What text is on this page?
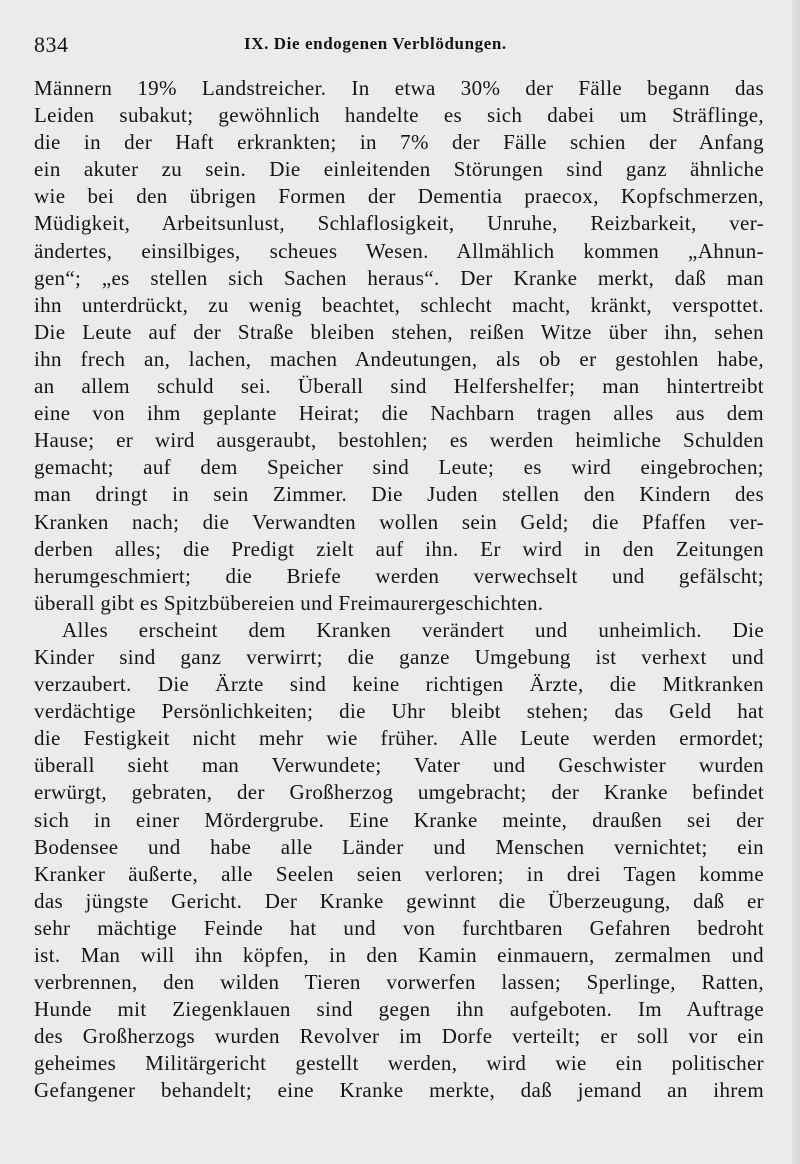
834	IX. Die endogenen Verblödungen.

Männern 19% Landstreicher. In etwa 30% der Fälle begann das
Leiden subakut; gewöhnlich handelte es sich dabei um Sträflinge,
die in der Haft erkrankten; in 7% der Fälle schien der Anfang
ein akuter zu sein. Die einleitenden Störungen sind ganz ähnliche
wie bei den übrigen Formen der Dementia praecox, Kopfschmerzen,
Müdigkeit, Arbeitsunlust, Schlaflosigkeit, Unruhe, Reizbarkeit, ver-
ändertes, einsilbiges, scheues Wesen. Allmählich kommen „Ahnun-
gen“; „es stellen sich Sachen heraus“. Der Kranke merkt, daß man
ihn unterdrückt, zu wenig beachtet, schlecht macht, kränkt, verspottet.
Die Leute auf der Straße bleiben stehen, reißen Witze über ihn, sehen
ihn frech an, lachen, machen Andeutungen, als ob er gestohlen habe,
an allem schuld sei. Überall sind Helfershelfer; man hintertreibt
eine von ihm geplante Heirat; die Nachbarn tragen alles aus dem
Hause; er wird ausgeraubt, bestohlen; es werden heimliche Schulden
gemacht; auf dem Speicher sind Leute; es wird eingebrochen;
man dringt in sein Zimmer. Die Juden stellen den Kindern des
Kranken nach; die Verwandten wollen sein Geld; die Pfaffen ver-
derben alles; die Predigt zielt auf ihn. Er wird in den Zeitungen
herumgeschmiert; die Briefe werden verwechselt und gefälscht;
überall gibt es Spitzbübereien und Freimaurergeschichten.

Alles erscheint dem Kranken verändert und unheimlich. Die
Kinder sind ganz verwirrt; die ganze Umgebung ist verhext und
verzaubert. Die Ärzte sind keine richtigen Ärzte, die Mitkranken
verdächtige Persönlichkeiten; die Uhr bleibt stehen; das Geld hat
die Festigkeit nicht mehr wie früher. Alle Leute werden ermordet;
überall sieht man Verwundete; Vater und Geschwister wurden
erwürgt, gebraten, der Großherzog umgebracht; der Kranke befindet
sich in einer Mördergrube. Eine Kranke meinte, draußen sei der
Bodensee und habe alle Länder und Menschen vernichtet; ein
Kranker äußerte, alle Seelen seien verloren; in drei Tagen komme
das jüngste Gericht. Der Kranke gewinnt die Überzeugung, daß er
sehr mächtige Feinde hat und von furchtbaren Gefahren bedroht
ist. Man will ihn köpfen, in den Kamin einmauern, zermalmen und
verbrennen, den wilden Tieren vorwerfen lassen; Sperlinge, Ratten,
Hunde mit Ziegenklauen sind gegen ihn aufgeboten. Im Auftrage
des Großherzogs wurden Revolver im Dorfe verteilt; er soll vor ein
geheimes Militärgericht gestellt werden, wird wie ein politischer
Gefangener behandelt; eine Kranke merkte, daß jemand an ihrem
